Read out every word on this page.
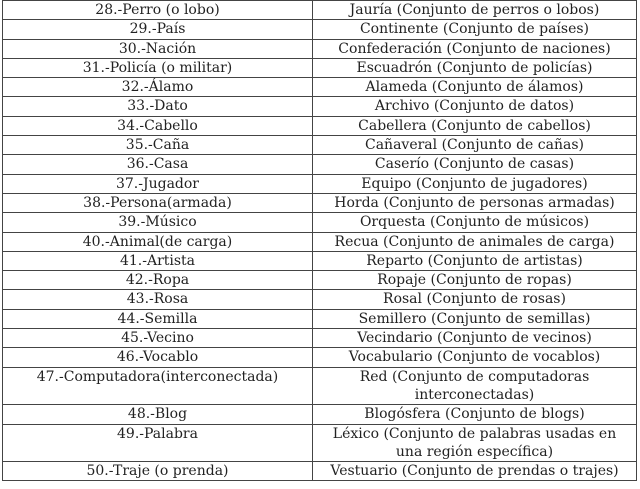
28.-Perro (o lobo)	Jauría (Conjunto de perros o lobos)
29.-País	Continente (Conjunto de países)
30.-Nación	Confederación (Conjunto de naciones)
31.-Policía (o militar)	Escuadrón (Conjunto de policías)
32.-Álamo	Alameda (Conjunto de álamos)
33.-Dato	Archivo (Conjunto de datos)
34.-Cabello	Cabellera (Conjunto de cabellos)
35.-Caña	Cañaveral (Conjunto de cañas)
36.-Casa	Caserío (Conjunto de casas)
37.-Jugador	Equipo (Conjunto de jugadores)
38.-Persona(armada)	Horda (Conjunto de personas armadas)
39.-Músico	Orquesta (Conjunto de músicos)
40.-Animal(de carga)	Recua (Conjunto de animales de carga)
41.-Artista	Reparto (Conjunto de artistas)
42.-Ropa	Ropaje (Conjunto de ropas)
43.-Rosa	Rosal (Conjunto de rosas)
44.-Semilla	Semillero (Conjunto de semillas)
45.-Vecino	Vecindario (Conjunto de vecinos)
46.-Vocablo	Vocabulario (Conjunto de vocablos)
47.-Computadora(interconectada)	Red (Conjunto de computadoras
interconectadas)

48.-Blog	Blogósfera (Conjunto de blogs)
49.-Palabra	Léxico (Conjunto de palabras usadas en
una región específica)

50.-Traje (o prenda)	Vestuario (Conjunto de prendas o trajes)
